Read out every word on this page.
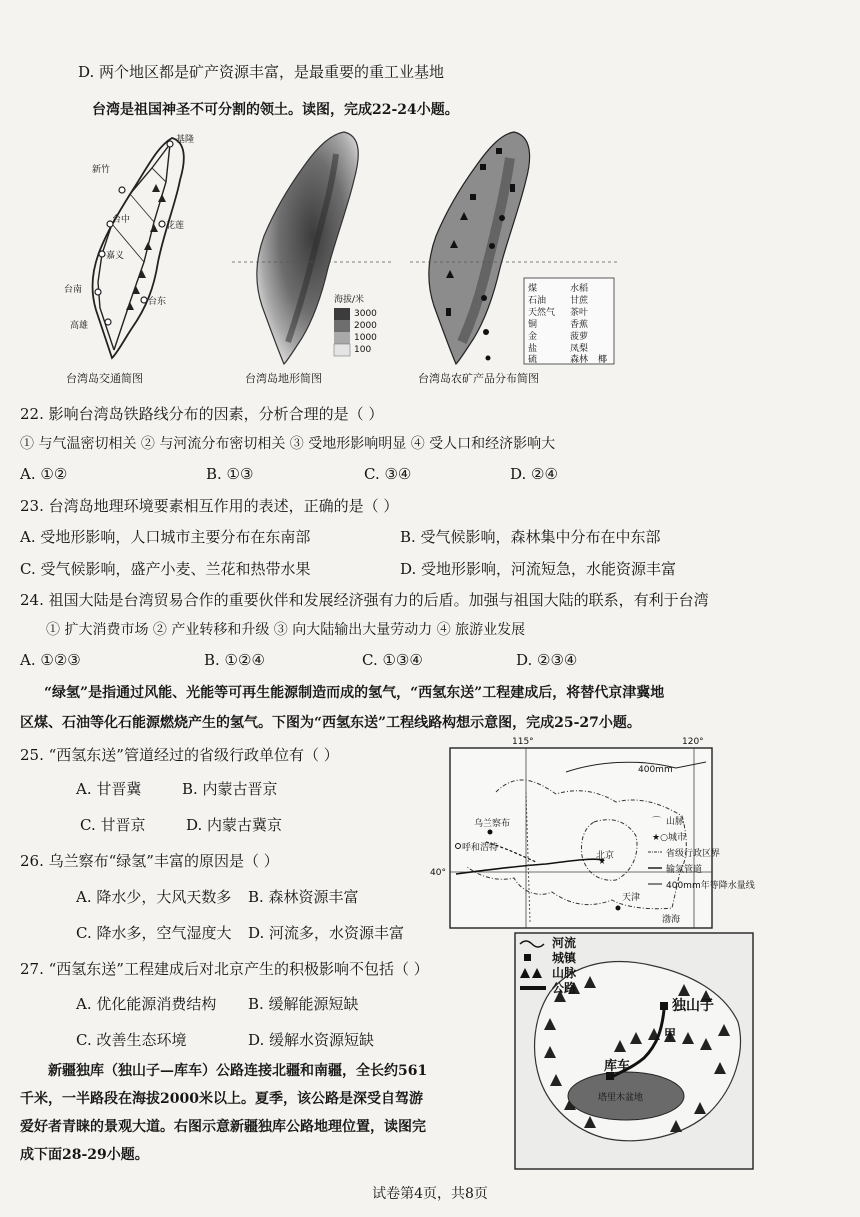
D. 两个地区都是矿产资源丰富，是最重要的重工业基地
台湾是祖国神圣不可分割的领土。读图，完成22-24小题。
基隆
新竹
台中
花莲
嘉义
台南
台东
高雄
台湾岛交通简图
海拔/米
3000
2000
1000
100
台湾岛地形简图
煤
石油
天然气
铜
金
盐
硫
水稻
甘蔗
茶叶
香蕉
菠萝
凤梨
森林 椰
台湾岛农矿产品分布简图
22. 影响台湾岛铁路线分布的因素，分析合理的是（ ）
① 与气温密切相关 ② 与河流分布密切相关 ③ 受地形影响明显 ④ 受人口和经济影响大
A. ①②	B. ①③	C. ③④	D. ②④
23. 台湾岛地理环境要素相互作用的表述，正确的是（ ）
A. 受地形影响，人口城市主要分布在东南部	B. 受气候影响，森林集中分布在中东部
C. 受气候影响，盛产小麦、兰花和热带水果	D. 受地形影响，河流短急，水能资源丰富
24. 祖国大陆是台湾贸易合作的重要伙伴和发展经济强有力的后盾。加强与祖国大陆的联系，有利于台湾
① 扩大消费市场 ② 产业转移和升级 ③ 向大陆输出大量劳动力 ④ 旅游业发展
A. ①②③	B. ①②④	C. ①③④	D. ②③④
“绿氢”是指通过风能、光能等可再生能源制造而成的氢气，“西氢东送”工程建成后，将替代京津冀地
区煤、石油等化石能源燃烧产生的氢气。下图为“西氢东送”工程线路构想示意图，完成25-27小题。
25. “西氢东送”管道经过的省级行政单位有（ ）
A. 甘晋冀	B. 内蒙古晋京
C. 甘晋京	D. 内蒙古冀京
26. 乌兰察布“绿氢”丰富的原因是（ ）
A. 降水少，大风天数多 B. 森林资源丰富
C. 降水多，空气湿度大 D. 河流多，水资源丰富
27. “西氢东送”工程建成后对北京产生的积极影响不包括（ ）
A. 优化能源消费结构 B. 缓解能源短缺
C. 改善生态环境	D. 缓解水资源短缺
新疆独库（独山子—库车）公路连接北疆和南疆，全长约561
千米，一半路段在海拔2000米以上。夏季，该公路是深受自驾游
爱好者青睐的景观大道。右图示意新疆独库公路地理位置，读图完
成下面28-29小题。
115°	120°
40°
400mm
乌兰察布
呼和浩特
北京
天津
渤海
⌒ 山脉
★○ 城市
省级行政区界
输氢管道
400mm年等降水量线
塔里木盆地
独山子
库车
甲
河流
城镇
山脉
公路
试卷第4页，共8页
